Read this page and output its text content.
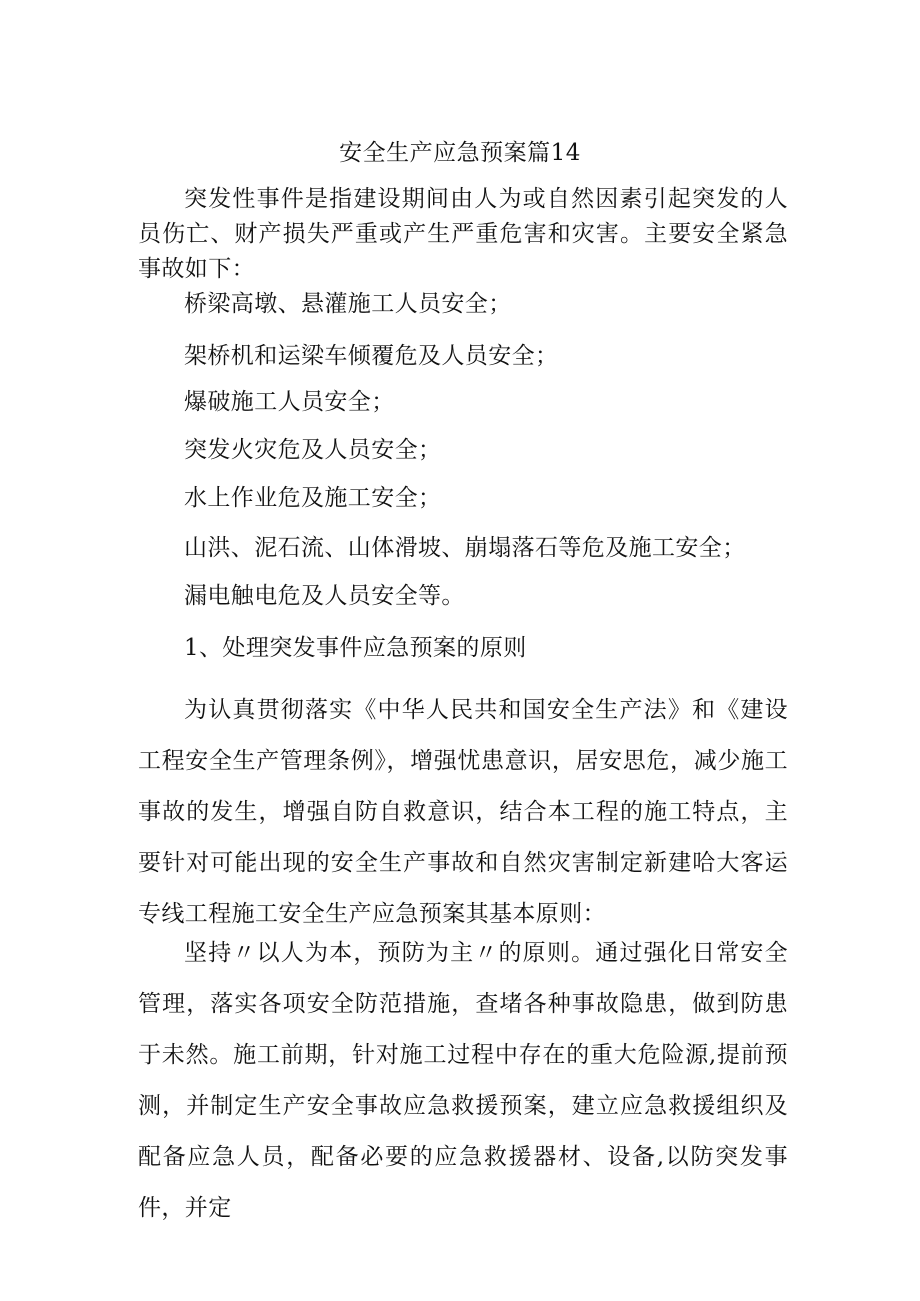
安全生产应急预案篇14

突发性事件是指建设期间由人为或自然因素引起突发的人员伤亡、财产损失严重或产生严重危害和灾害。主要安全紧急事故如下：

桥梁高墩、悬灌施工人员安全；
架桥机和运梁车倾覆危及人员安全；
爆破施工人员安全；
突发火灾危及人员安全；
水上作业危及施工安全；
山洪、泥石流、山体滑坡、崩塌落石等危及施工安全；
漏电触电危及人员安全等。
1、处理突发事件应急预案的原则

为认真贯彻落实《中华人民共和国安全生产法》和《建设工程安全生产管理条例》，增强忧患意识，居安思危，减少施工事故的发生，增强自防自救意识，结合本工程的施工特点，主要针对可能出现的安全生产事故和自然灾害制定新建哈大客运专线工程施工安全生产应急预案其基本原则：

坚持〃以人为本，预防为主〃的原则。通过强化日常安全管理，落实各项安全防范措施，查堵各种事故隐患，做到防患于未然。施工前期，针对施工过程中存在的重大危险源,提前预测，并制定生产安全事故应急救援预案，建立应急救援组织及配备应急人员，配备必要的应急救援器材、设备,以防突发事件，并定
